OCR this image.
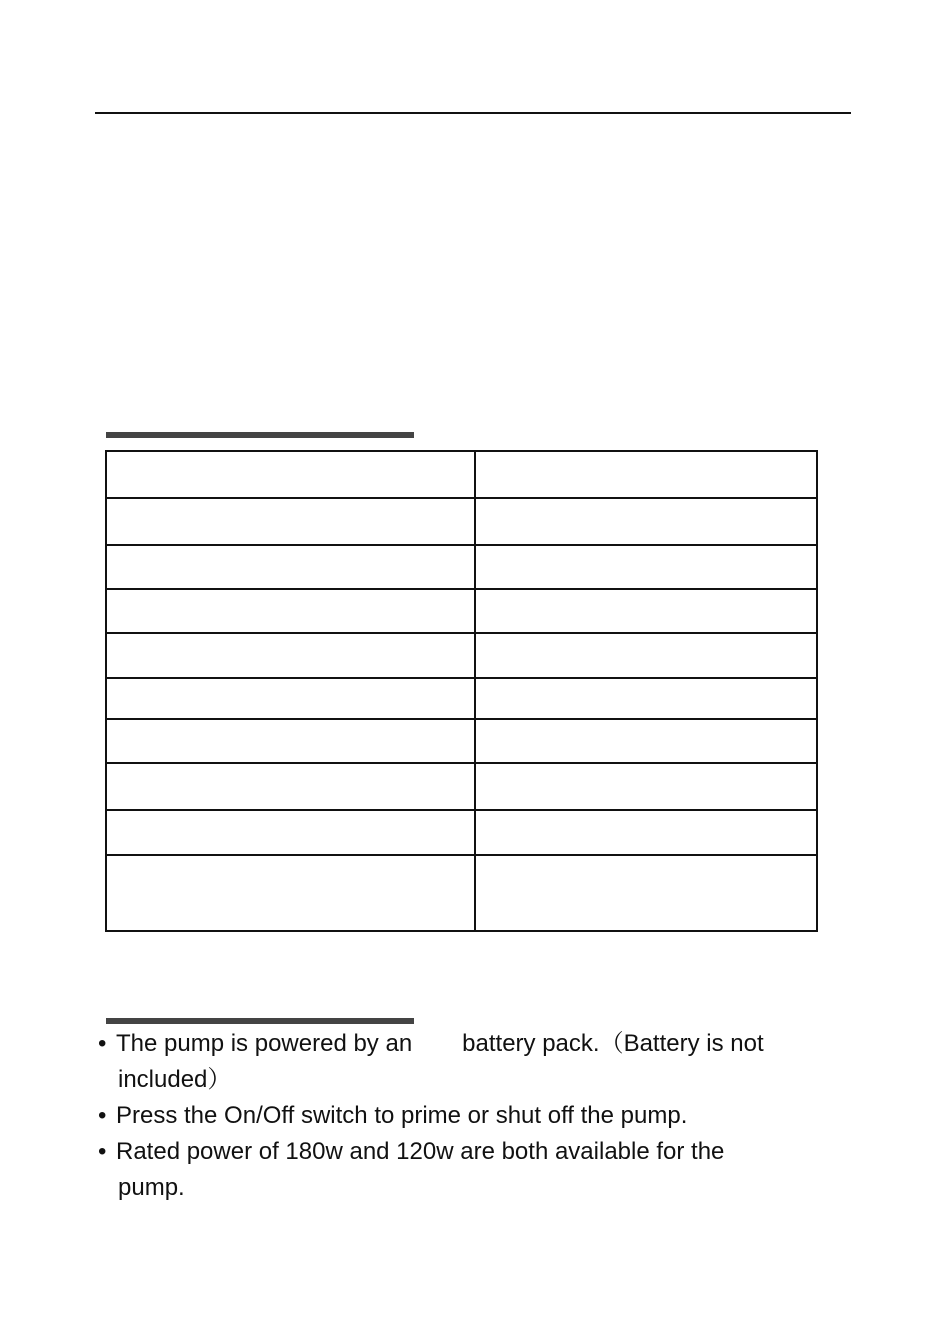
• The pump is powered by an battery pack.（Battery is not
included）
• Press the On/Off switch to prime or shut off the pump.
• Rated power of 180w and 120w are both available for the
pump.
